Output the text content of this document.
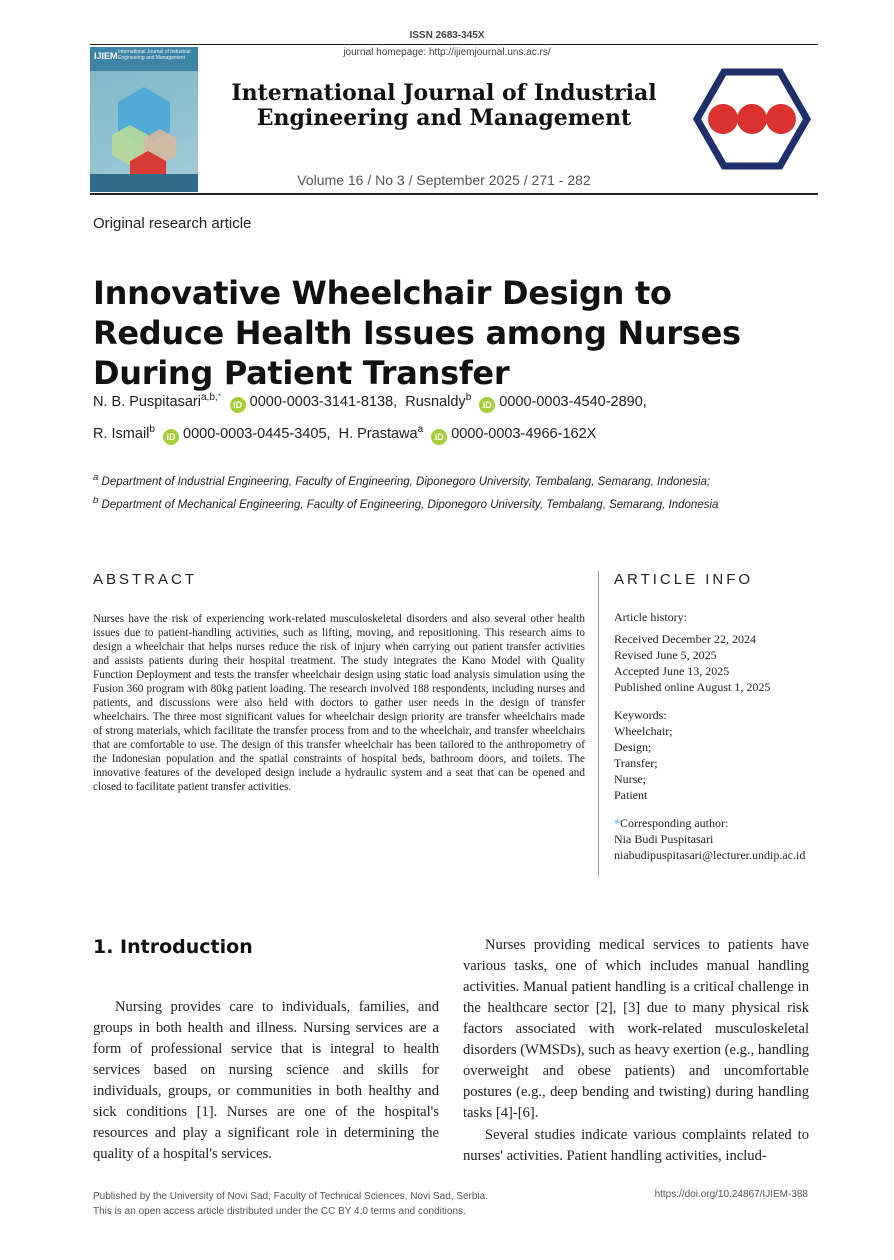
ISSN 2683-345X
journal homepage: http://ijiemjournal.uns.ac.rs/
IJIEM International Journal of Industrial Engineering and Management
International Journal of Industrial
Engineering and Management
Volume 16 / No 3 / September 2025 / 271 - 282
Original research article
Innovative Wheelchair Design to Reduce Health Issues among Nurses During Patient Transfer
N. B. Puspitasari$^{a,b,*}$ iD 0000-0003-3141-8138, Rusnaldy$^b$ iD 0000-0003-4540-2890,
R. Ismail$^b$ iD 0000-0003-0445-3405, H. Prastawa$^a$ iD 0000-0003-4966-162X
$^a$ Department of Industrial Engineering, Faculty of Engineering, Diponegoro University, Tembalang, Semarang, Indonesia;
$^b$ Department of Mechanical Engineering, Faculty of Engineering, Diponegoro University, Tembalang, Semarang, Indonesia
ABSTRACT	ARTICLE INFO
Nurses have the risk of experiencing work-related musculoskeletal disorders and also several other health issues due to patient-handling activities, such as lifting, moving, and repositioning. This research aims to design a wheelchair that helps nurses reduce the risk of injury when carrying out patient transfer activities and assists patients during their hospital treatment. The study integrates the Kano Model with Quality Function Deployment and tests the transfer wheelchair design using static load analysis simulation using the Fusion 360 program with 80kg patient loading. The research involved 188 respondents, including nurses and patients, and discussions were also held with doctors to gather user needs in the design of transfer wheelchairs. The three most significant values for wheelchair design priority are transfer wheelchairs made of strong materials, which facilitate the transfer process from and to the wheelchair, and transfer wheelchairs that are comfortable to use. The design of this transfer wheelchair has been tailored to the anthropometry of the Indonesian population and the spatial constraints of hospital beds, bathroom doors, and toilets. The innovative features of the developed design include a hydraulic system and a seat that can be opened and closed to facilitate patient transfer activities.
Article history:
Received December 22, 2024
Revised June 5, 2025
Accepted June 13, 2025
Published online August 1, 2025
Keywords:
Wheelchair;
Design;
Transfer;
Nurse;
Patient
*Corresponding author:
Nia Budi Puspitasari
niabudipuspitasari@lecturer.undip.ac.id
1. Introduction
Nursing provides care to individuals, families, and groups in both health and illness. Nursing services are a form of professional service that is integral to health services based on nursing science and skills for individuals, groups, or communities in both healthy and sick conditions [1]. Nurses are one of the hospital's resources and play a significant role in determining the quality of a hospital's services.
Nurses providing medical services to patients have various tasks, one of which includes manual handling activities. Manual patient handling is a critical challenge in the healthcare sector [2], [3] due to many physical risk factors associated with work-related musculoskeletal disorders (WMSDs), such as heavy exertion (e.g., handling overweight and obese patients) and uncomfortable postures (e.g., deep bending and twisting) during handling tasks [4]-[6].
Several studies indicate various complaints related to nurses' activities. Patient handling activities, includ-
Published by the University of Novi Sad, Faculty of Technical Sciences, Novi Sad, Serbia.
This is an open access article distributed under the CC BY 4.0 terms and conditions.
https://doi.org/10.24867/IJIEM-388
